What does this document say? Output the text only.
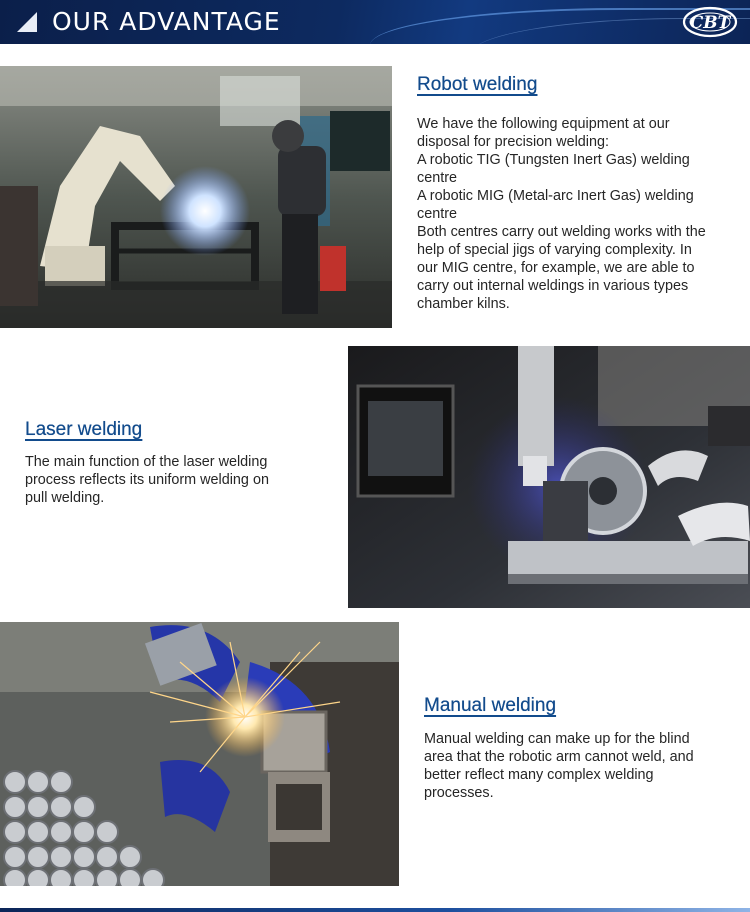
OUR ADVANTAGE	CBT
Robot welding
We have the following equipment at our
disposal for precision welding:
A robotic TIG (Tungsten Inert Gas) welding
centre
A robotic MIG (Metal-arc Inert Gas) welding
centre
Both centres carry out welding works with the
help of special jigs of varying complexity. In
our MIG centre, for example, we are able to
carry out internal weldings in various types
chamber kilns.
Laser welding
The main function of the laser welding
process reflects its uniform welding on
pull welding.
Manual welding
Manual welding can make up for the blind
area that the robotic arm cannot weld, and
better reflect many complex welding
processes.
